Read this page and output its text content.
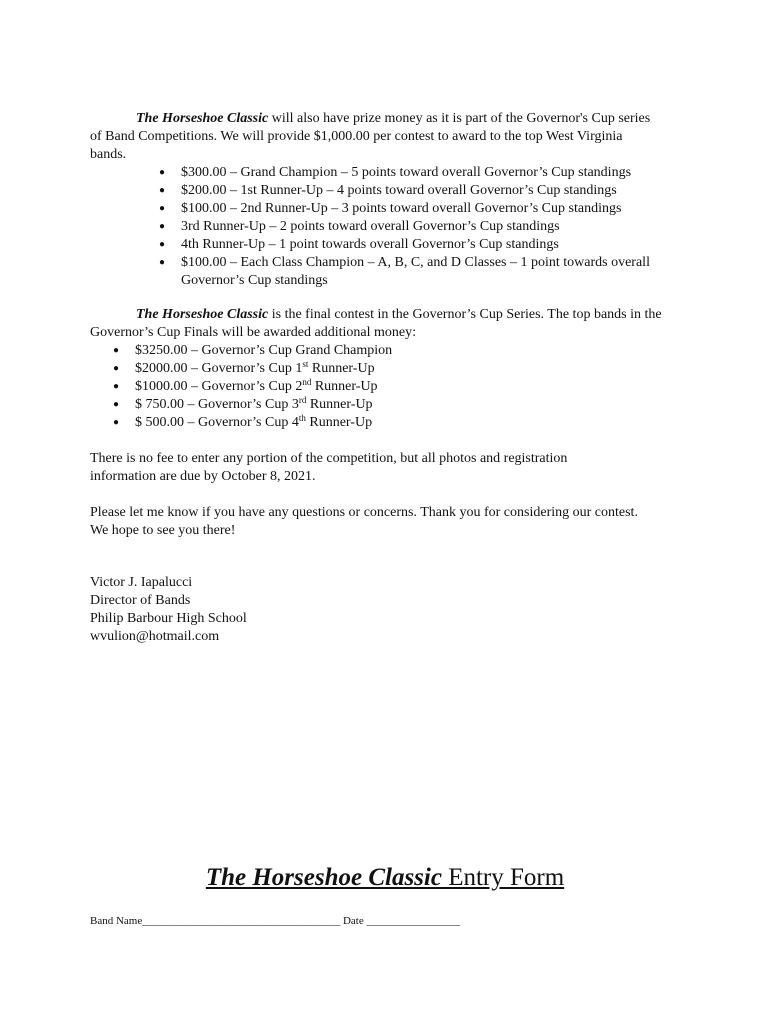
The Horseshoe Classic will also have prize money as it is part of the Governor's Cup series of Band Competitions. We will provide $1,000.00 per contest to award to the top West Virginia bands.

● $300.00 – Grand Champion – 5 points toward overall Governor’s Cup standings
● $200.00 – 1st Runner-Up – 4 points toward overall Governor’s Cup standings
● $100.00 – 2nd Runner-Up – 3 points toward overall Governor’s Cup standings
● 3rd Runner-Up – 2 points toward overall Governor’s Cup standings
● 4th Runner-Up – 1 point towards overall Governor’s Cup standings
● $100.00 – Each Class Champion – A, B, C, and D Classes – 1 point towards overall Governor’s Cup standings

The Horseshoe Classic is the final contest in the Governor’s Cup Series. The top bands in the Governor’s Cup Finals will be awarded additional money:

● $3250.00 – Governor’s Cup Grand Champion
● $2000.00 – Governor’s Cup 1st Runner-Up
● $1000.00 – Governor’s Cup 2nd Runner-Up
● $ 750.00 – Governor’s Cup 3rd Runner-Up
● $ 500.00 – Governor’s Cup 4th Runner-Up

There is no fee to enter any portion of the competition, but all photos and registration information are due by October 8, 2021.

Please let me know if you have any questions or concerns. Thank you for considering our contest. We hope to see you there!

Victor J. Iapalucci

Director of Bands

Philip Barbour High School

wvulion@hotmail.com

The Horseshoe Classic Entry Form
Band Name____________________________________ Date _________________
